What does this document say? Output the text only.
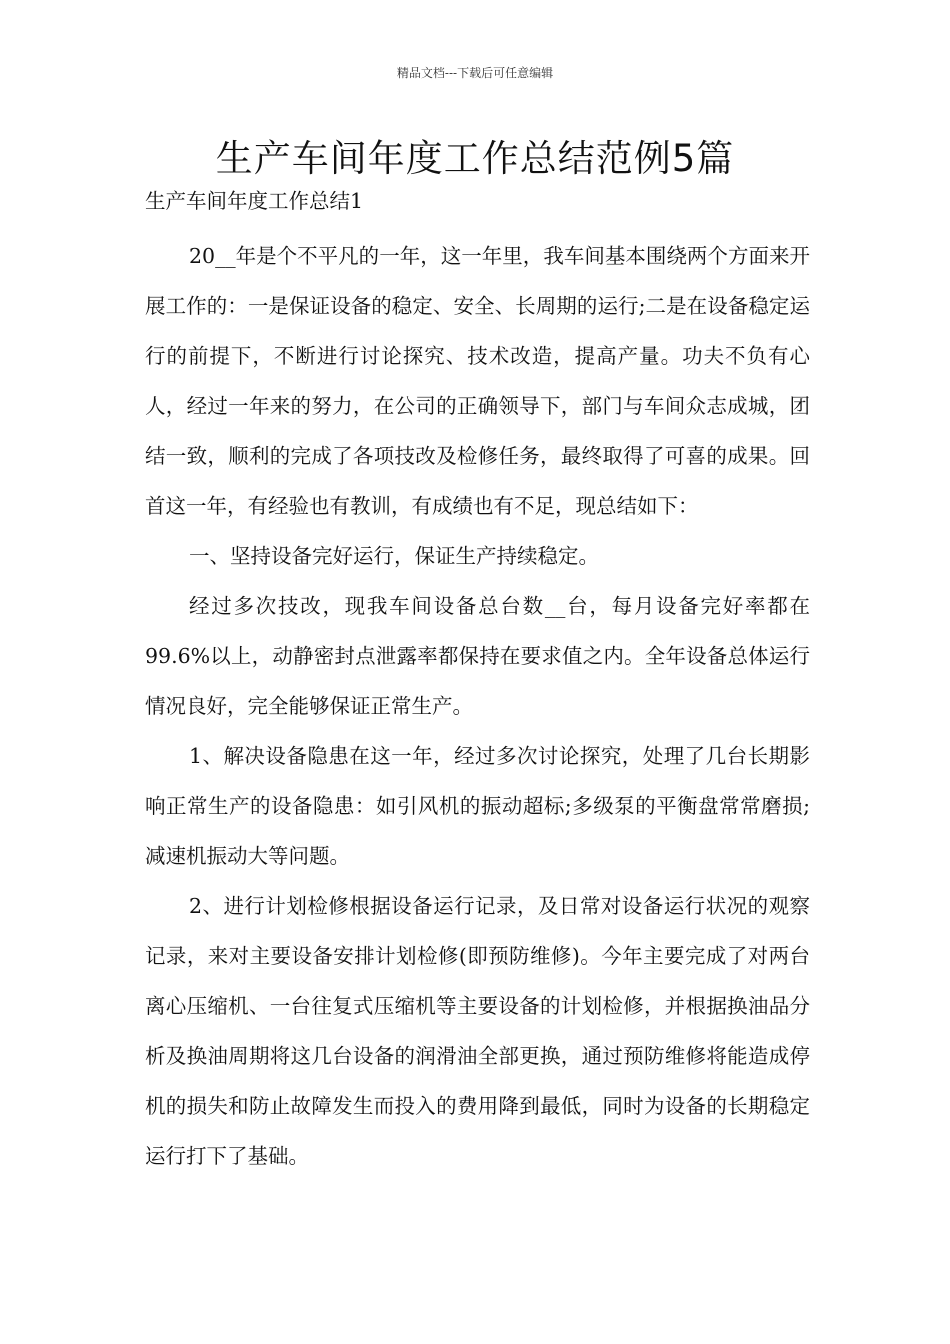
精品文档---下载后可任意编辑
生产车间年度工作总结范例5篇

生产车间年度工作总结1

20__年是个不平凡的一年，这一年里，我车间基本围绕两个方面来开展工作的：一是保证设备的稳定、安全、长周期的运行;二是在设备稳定运行的前提下，不断进行讨论探究、技术改造，提高产量。功夫不负有心人，经过一年来的努力，在公司的正确领导下，部门与车间众志成城，团结一致，顺利的完成了各项技改及检修任务，最终取得了可喜的成果。回首这一年，有经验也有教训，有成绩也有不足，现总结如下：

一、坚持设备完好运行，保证生产持续稳定。

经过多次技改，现我车间设备总台数__台，每月设备完好率都在99.6%以上，动静密封点泄露率都保持在要求值之内。全年设备总体运行情况良好，完全能够保证正常生产。

1、解决设备隐患在这一年，经过多次讨论探究，处理了几台长期影响正常生产的设备隐患：如引风机的振动超标;多级泵的平衡盘常常磨损;减速机振动大等问题。

2、进行计划检修根据设备运行记录，及日常对设备运行状况的观察记录，来对主要设备安排计划检修(即预防维修)。今年主要完成了对两台离心压缩机、一台往复式压缩机等主要设备的计划检修，并根据换油品分析及换油周期将这几台设备的润滑油全部更换，通过预防维修将能造成停机的损失和防止故障发生而投入的费用降到最低，同时为设备的长期稳定运行打下了基础。
